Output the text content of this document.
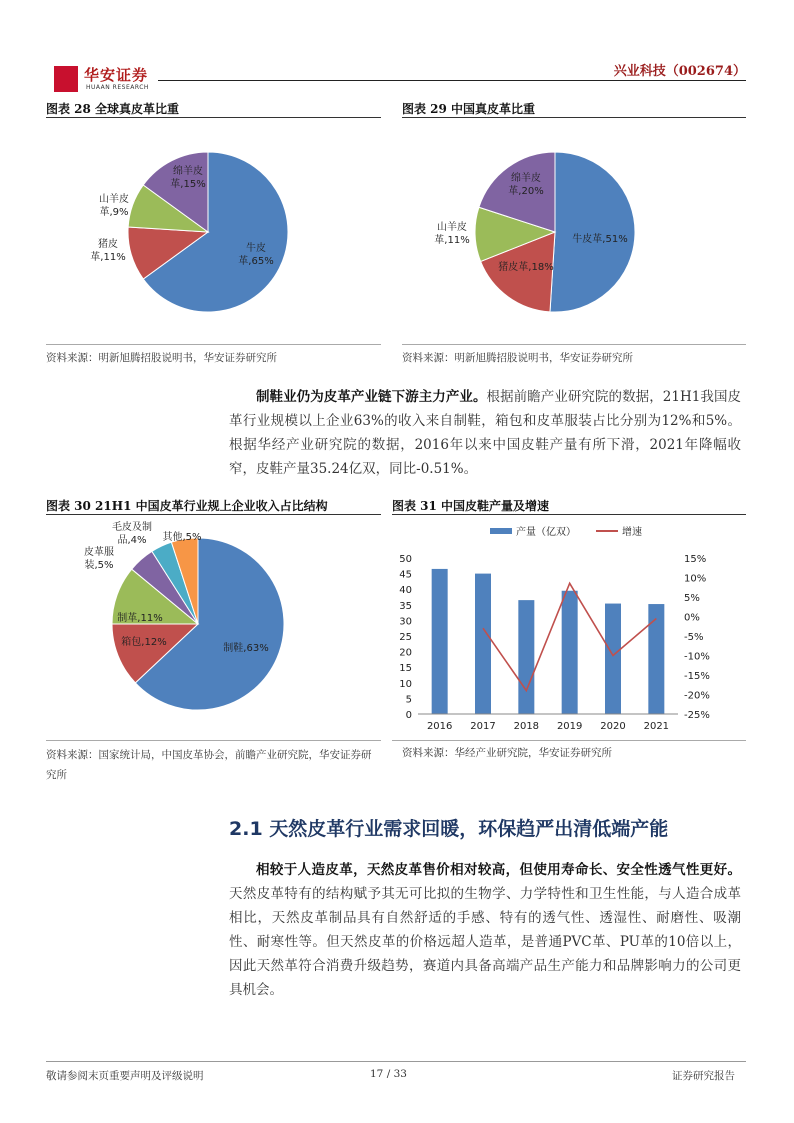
华安证券
HUAAN RESEARCH
兴业科技（002674）
图表 28 全球真皮革比重
牛皮革,65%
猪皮革,11%
山羊皮革,9%
绵羊皮革,15%
资料来源：明新旭腾招股说明书，华安证券研究所
图表 29 中国真皮革比重
牛皮革,51%
猪皮革,18%
山羊皮革,11%
绵羊皮革,20%
资料来源：明新旭腾招股说明书，华安证券研究所
制鞋业仍为皮革产业链下游主力产业。根据前瞻产业研究院的数据，21H1我国皮革行业规模以上企业63%的收入来自制鞋，箱包和皮革服装占比分别为12%和5%。根据华经产业研究院的数据，2016年以来中国皮鞋产量有所下滑，2021年降幅收窄，皮鞋产量35.24亿双，同比-0.51%。
图表 30 21H1 中国皮革行业规上企业收入占比结构
制鞋,63%
箱包,12%
制革,11%
皮革服装,5%
毛皮及制品,4%	其他,5%
资料来源：国家统计局，中国皮革协会，前瞻产业研究院，华安证券研究所
图表 31 中国皮鞋产量及增速
产量（亿双）	增速
0
5
10
15
20
25
30
35
40
45
50
-25%
-20%
-15%
-10%
-5%
0%
5%
10%
15%
2016 2017 2018 2019 2020 2021
资料来源：华经产业研究院，华安证券研究所
2.1 天然皮革行业需求回暖，环保趋严出清低端产能
相较于人造皮革，天然皮革售价相对较高，但使用寿命长、安全性透气性更好。天然皮革特有的结构赋予其无可比拟的生物学、力学特性和卫生性能，与人造合成革相比，天然皮革制品具有自然舒适的手感、特有的透气性、透湿性、耐磨性、吸潮性、耐寒性等。但天然皮革的价格远超人造革，是普通PVC革、PU革的10倍以上，因此天然革符合消费升级趋势，赛道内具备高端产品生产能力和品牌影响力的公司更具机会。
敬请参阅末页重要声明及评级说明	17 / 33	证券研究报告
